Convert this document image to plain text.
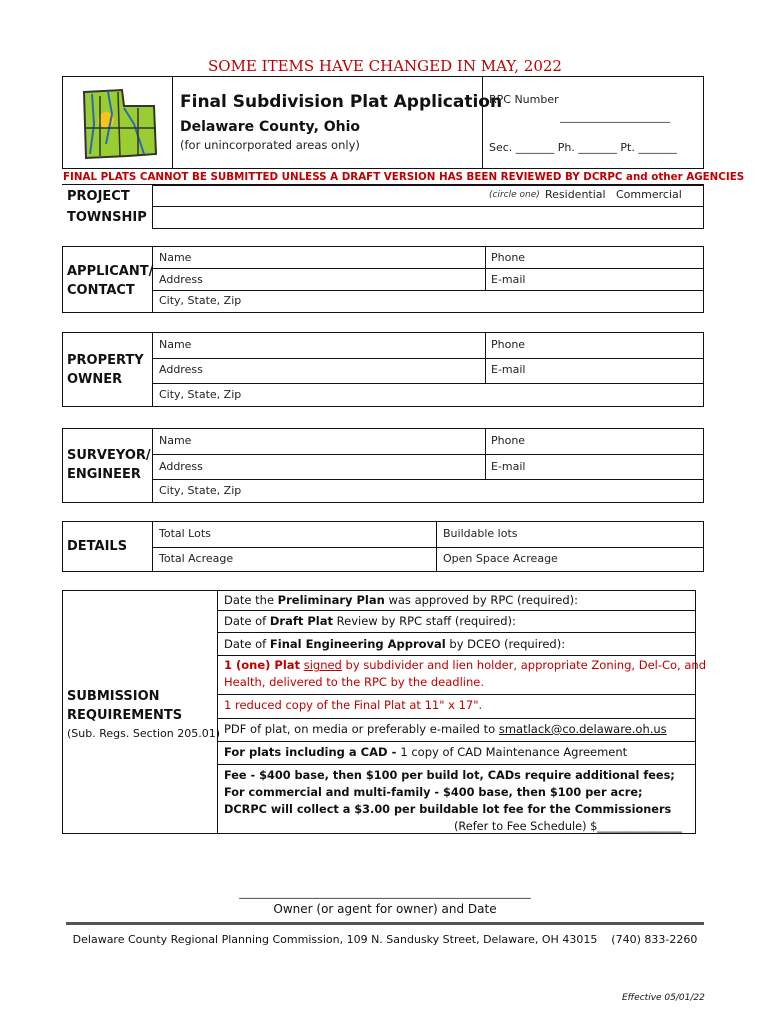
SOME ITEMS HAVE CHANGED IN MAY, 2022
Final Subdivision Plat Application
Delaware County, Ohio
(for unincorporated areas only)
RPC Number
____________________
Sec. _______ Ph. _______ Pt. _______
FINAL PLATS CANNOT BE SUBMITTED UNLESS A DRAFT VERSION HAS BEEN REVIEWED BY DCRPC and other AGENCIES
PROJECT
TOWNSHIP
(circle one) Residential Commercial
APPLICANT/
CONTACT
Name	Phone
Address	E-mail
City, State, Zip
PROPERTY
OWNER
Name	Phone
Address	E-mail
City, State, Zip
SURVEYOR/
ENGINEER
Name	Phone
Address	E-mail
City, State, Zip
DETAILS
Total Lots	Buildable lots
Total Acreage	Open Space Acreage
SUBMISSION
REQUIREMENTS
(Sub. Regs. Section 205.01)
Date the Preliminary Plan was approved by RPC (required):
Date of Draft Plat Review by RPC staff (required):
Date of Final Engineering Approval by DCEO (required):
1 (one) Plat signed by subdivider and lien holder, appropriate Zoning, Del-Co, and
Health, delivered to the RPC by the deadline.
1 reduced copy of the Final Plat at 11" x 17".
PDF of plat, on media or preferably e-mailed to smatlack@co.delaware.oh.us
For plats including a CAD - 1 copy of CAD Maintenance Agreement
Fee - $400 base, then $100 per build lot, CADs require additional fees;
For commercial and multi-family - $400 base, then $100 per acre;
DCRPC will collect a $3.00 per buildable lot fee for the Commissioners
(Refer to Fee Schedule) $_______________
_____________________________________________________
Owner (or agent for owner) and Date
Delaware County Regional Planning Commission, 109 N. Sandusky Street, Delaware, OH 43015    (740) 833-2260
Effective 05/01/22
